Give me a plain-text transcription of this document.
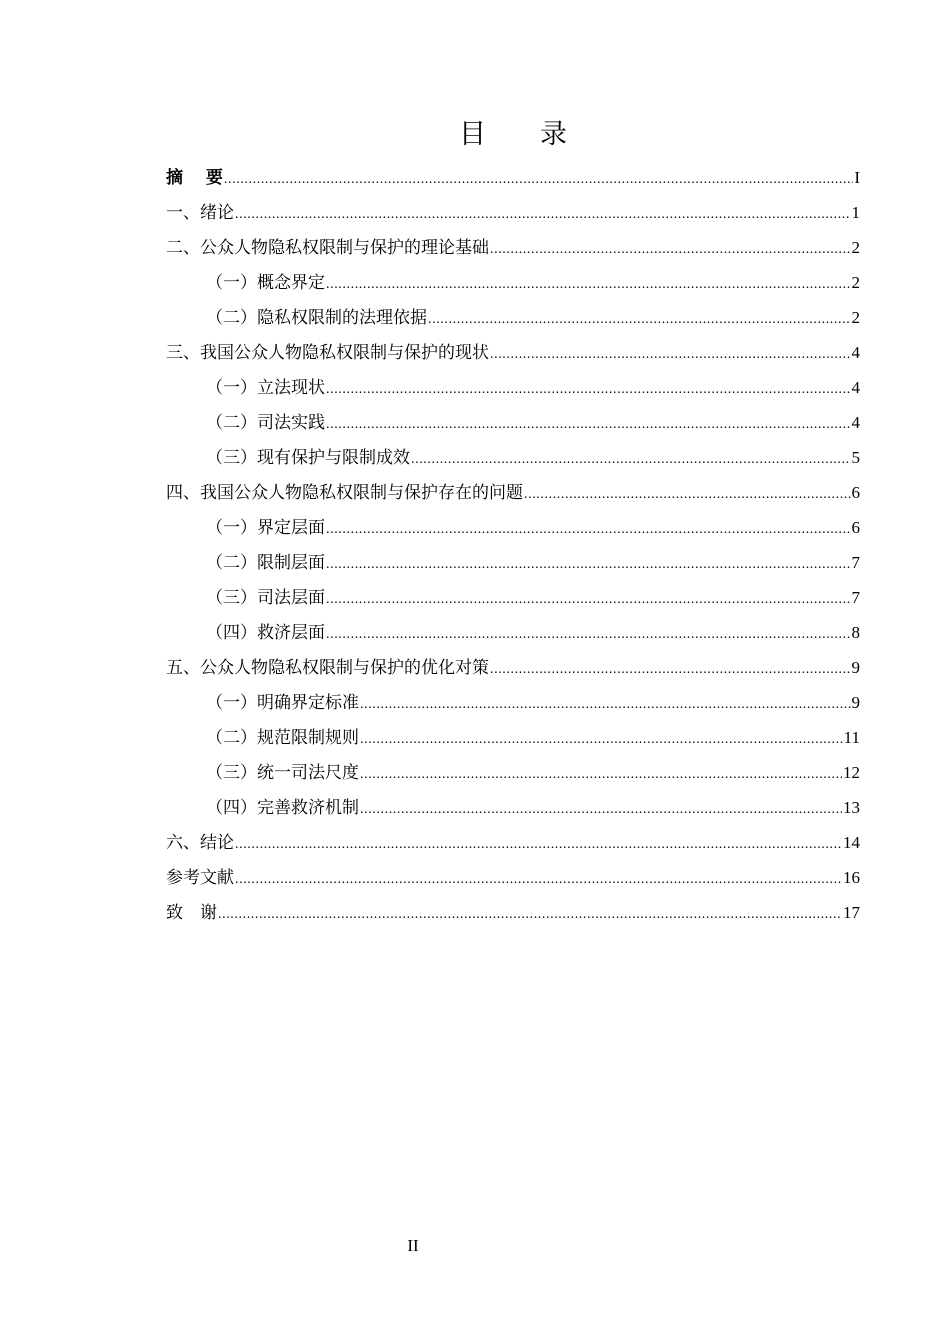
目 录
摘　 要 .....	I
一、绪论 .....	1
二、公众人物隐私权限制与保护的理论基础 .....	2
（一）概念界定 .....	2
（二）隐私权限制的法理依据 .....	2
三、我国公众人物隐私权限制与保护的现状 .....	4
（一）立法现状 .....	4
（二）司法实践 .....	4
（三）现有保护与限制成效 .....	5
四、我国公众人物隐私权限制与保护存在的问题 .....	6
（一）界定层面 .....	6
（二）限制层面 .....	7
（三）司法层面 .....	7
（四）救济层面 .....	8
五、公众人物隐私权限制与保护的优化对策 .....	9
（一）明确界定标准 .....	9
（二）规范限制规则 .....	11
（三）统一司法尺度 .....	12
（四）完善救济机制 .....	13
六、结论 .....	14
参考文献 .....	16
致　谢 .....	17
II
